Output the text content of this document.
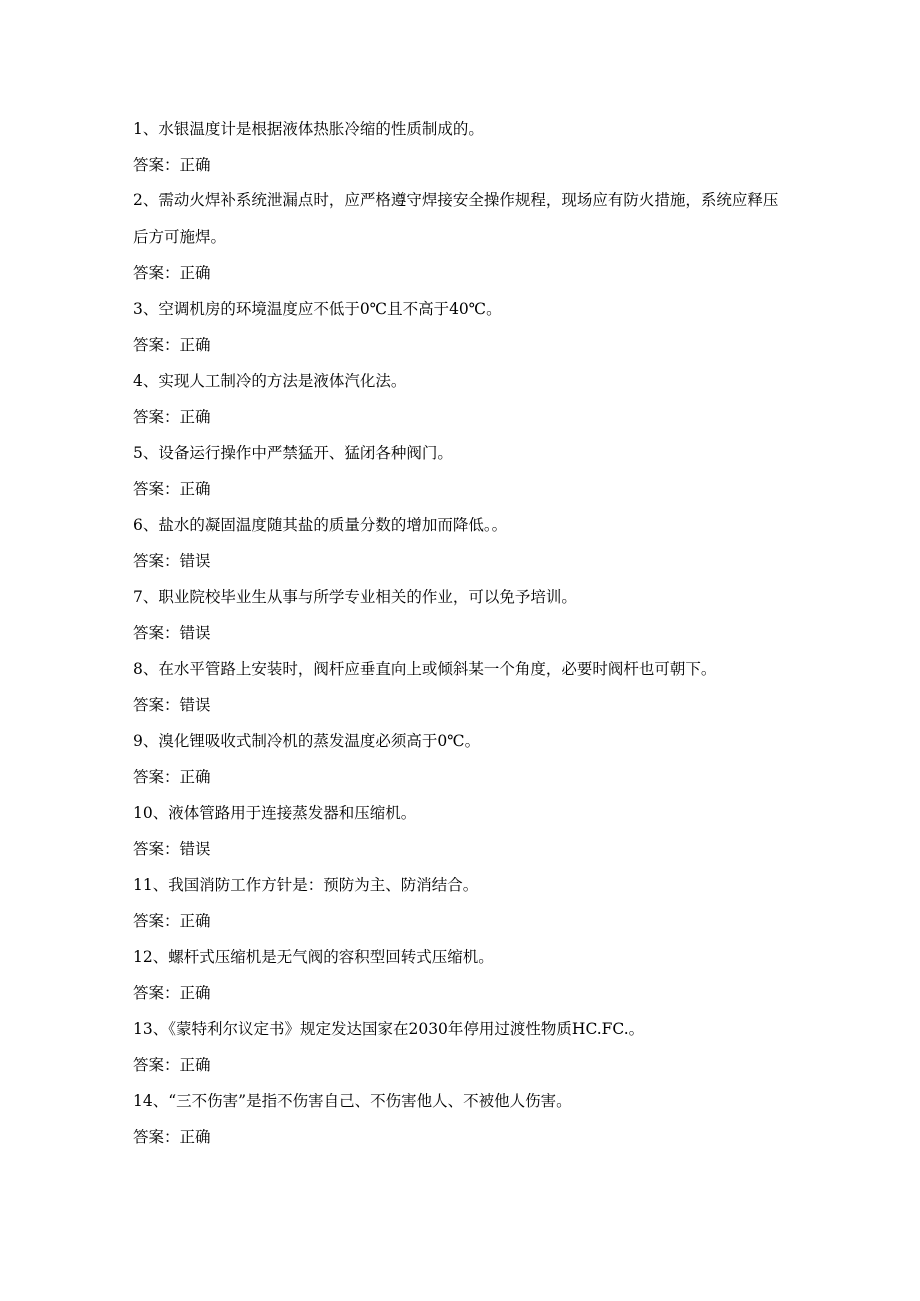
1、水银温度计是根据液体热胀冷缩的性质制成的。

答案：正确

2、需动火焊补系统泄漏点时，应严格遵守焊接安全操作规程，现场应有防火措施，系统应释压后方可施焊。

答案：正确

3、空调机房的环境温度应不低于0℃且不高于40℃。

答案：正确

4、实现人工制冷的方法是液体汽化法。

答案：正确

5、设备运行操作中严禁猛开、猛闭各种阀门。

答案：正确

6、盐水的凝固温度随其盐的质量分数的增加而降低。。

答案：错误

7、职业院校毕业生从事与所学专业相关的作业，可以免予培训。

答案：错误

8、在水平管路上安装时，阀杆应垂直向上或倾斜某一个角度，必要时阀杆也可朝下。

答案：错误

9、溴化锂吸收式制冷机的蒸发温度必须高于0℃。

答案：正确

10、液体管路用于连接蒸发器和压缩机。

答案：错误

11、我国消防工作方针是：预防为主、防消结合。

答案：正确

12、螺杆式压缩机是无气阀的容积型回转式压缩机。

答案：正确

13、《蒙特利尔议定书》规定发达国家在2030年停用过渡性物质HC.FC.。

答案：正确

14、“三不伤害”是指不伤害自己、不伤害他人、不被他人伤害。

答案：正确
